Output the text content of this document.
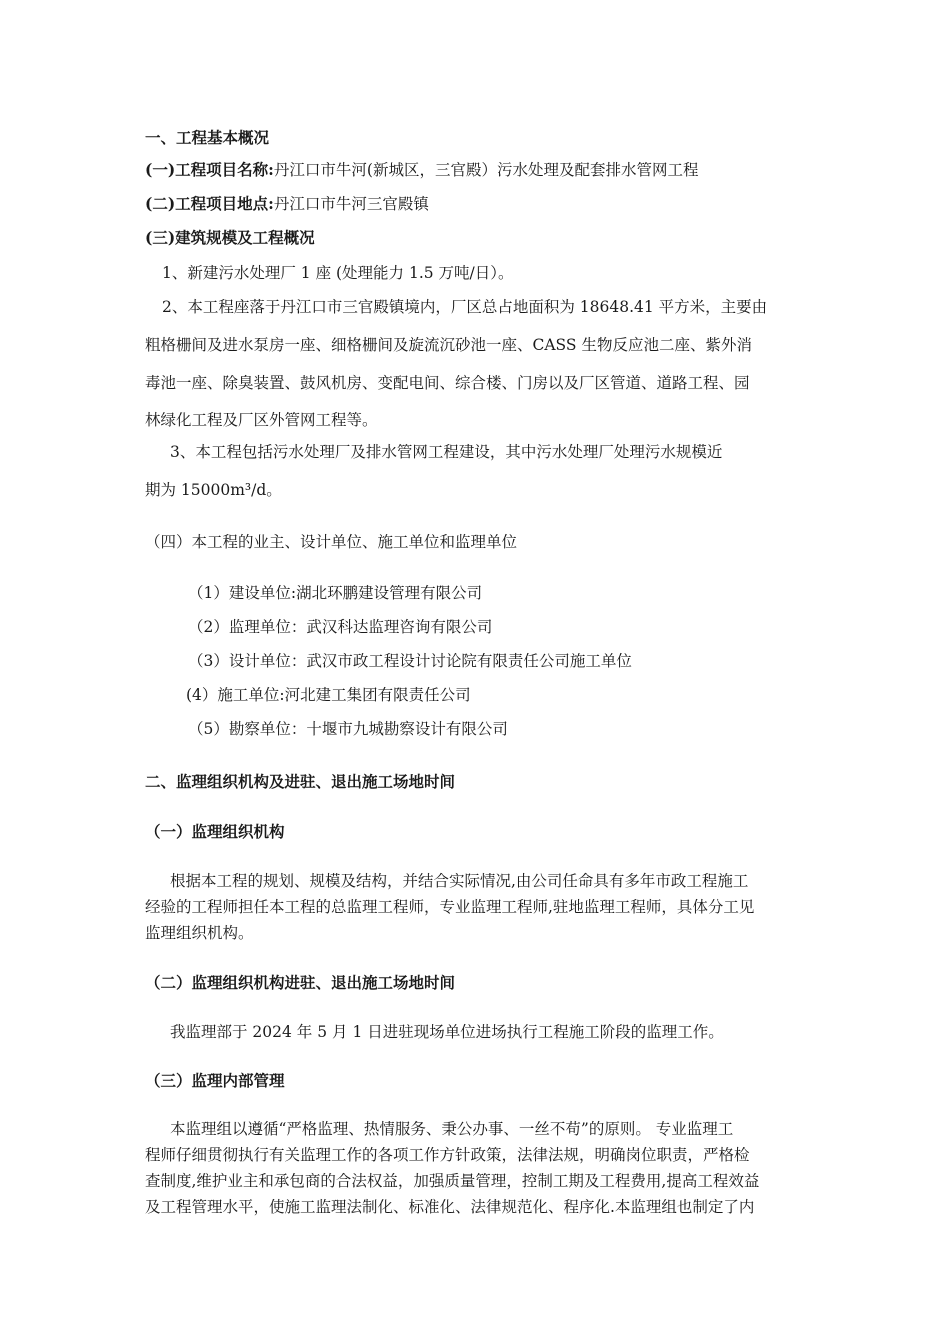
一、工程基本概况
(一)工程项目名称:丹江口市牛河(新城区，三官殿）污水处理及配套排水管网工程
(二)工程项目地点:丹江口市牛河三官殿镇
(三)建筑规模及工程概况
1、新建污水处理厂 1 座 (处理能力 1.5 万吨/日）。
2、本工程座落于丹江口市三官殿镇境内，厂区总占地面积为 18648.41 平方米，主要由
粗格栅间及进水泵房一座、细格栅间及旋流沉砂池一座、CASS 生物反应池二座、紫外消
毒池一座、除臭装置、鼓风机房、变配电间、综合楼、门房以及厂区管道、道路工程、园
林绿化工程及厂区外管网工程等。
3、本工程包括污水处理厂及排水管网工程建设，其中污水处理厂处理污水规模近
期为 15000m³/d。
（四）本工程的业主、设计单位、施工单位和监理单位
（1）建设单位:湖北环鹏建设管理有限公司
（2）监理单位：武汉科达监理咨询有限公司
（3）设计单位：武汉市政工程设计讨论院有限责任公司施工单位
(4）施工单位:河北建工集团有限责任公司
（5）勘察单位：十堰市九城勘察设计有限公司
二、监理组织机构及进驻、退出施工场地时间
（一）监理组织机构
根据本工程的规划、规模及结构，并结合实际情况,由公司任命具有多年市政工程施工
经验的工程师担任本工程的总监理工程师，专业监理工程师,驻地监理工程师，具体分工见
监理组织机构。
（二）监理组织机构进驻、退出施工场地时间
我监理部于 2024 年 5 月 1 日进驻现场单位进场执行工程施工阶段的监理工作。
（三）监理内部管理
本监理组以遵循“严格监理、热情服务、秉公办事、一丝不苟”的原则。 专业监理工
程师仔细贯彻执行有关监理工作的各项工作方针政策，法律法规，明确岗位职责，严格检
查制度,维护业主和承包商的合法权益，加强质量管理，控制工期及工程费用,提高工程效益
及工程管理水平，使施工监理法制化、标准化、法律规范化、程序化.本监理组也制定了内
